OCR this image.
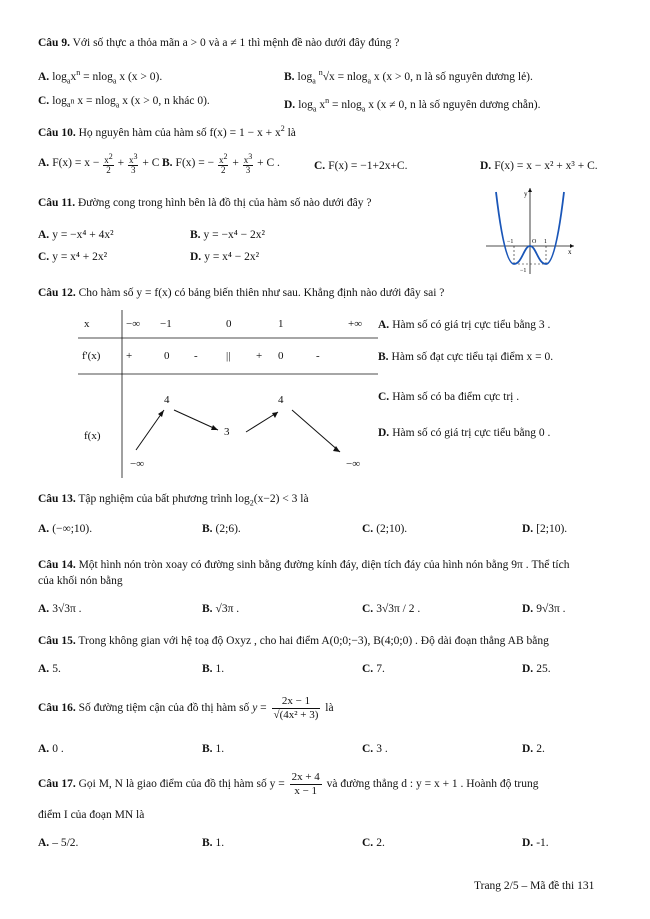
Câu 9. Với số thực a thỏa mãn a > 0 và a ≠ 1 thì mệnh đề nào dưới đây đúng ?
A. $\log_ax^n = nlog_a$ x (x > 0).	B. $\log_a ^n√x = nlog_a$ x (x > 0, n là số nguyên dương lẻ).
C. $\log_{a^n} x = nlog_a$ x (x > 0, n khác 0).	D. $\log_a x^n = nlog_a$ x (x ≠ 0, n là số nguyên dương chẵn).
Câu 10. Họ nguyên hàm của hàm số $f(x) = 1 - x + x^2$ là
A. $F(x) = x - \frac{x^2}{2} + \frac{x^3}{3} + C$ .
B. F(x) = − $\frac{x^2}{2} + \frac{x^3}{3} + C$ .	C. F(x) = −1+2x+C.	D. F(x) = x − x² + x³ + C.
Câu 11. Đường cong trong hình bên là đồ thị của hàm số nào dưới đây ?
A. y = −x⁴ + 4x²	B. y = −x⁴ − 2x²
C. y = x⁴ + 2x²	D. y = x⁴ − 2x²
y
x
O
−1	1
−1
Câu 12. Cho hàm số y = f(x) có bảng biến thiên như sau. Khẳng định nào dưới đây sai ?
x	−∞ −1	0	1	+∞
f'(x) +	0 -	|| + 0	-
f(x)
4	4
3
−∞	−∞
A. Hàm số có giá trị cực tiểu bằng 3 .
B. Hàm số đạt cực tiểu tại điểm x = 0.
C. Hàm số có ba điểm cực trị .
D. Hàm số có giá trị cực tiểu bằng 0 .
Câu 13. Tập nghiệm của bất phương trình $\log_2(x-2) < 3$ là
A. (−∞;10).	B. (2;6).	C. (2;10).	D. [2;10).
Câu 14. Một hình nón tròn xoay có đường sinh bằng đường kính đáy, diện tích đáy của hình nón bằng 9π . Thể tích
của khối nón bằng
A. 3√3π .	B. √3π .	C. 3√3π / 2 .	D. 9√3π .
Câu 15. Trong không gian với hệ toạ độ Oxyz , cho hai điểm A(0;0;−3), B(4;0;0) . Độ dài đoạn thẳng AB bằng
A. 5.	B. 1.	C. 7.	D. 25.
Câu 16. Số đường tiệm cận của đồ thị hàm số $y = \frac{2x - 1}{\text{√(4x² + 3)}}$ là
A. 0 .	B. 1.	C. 3 .	D. 2.
Câu 17. Gọi M, N là giao điểm của đồ thị hàm số $y = \frac{2x + 4}{x - 1}$ và đường thẳng d : y = x + 1 . Hoành độ trung
điểm I của đoạn MN là
A. – 5/2.	B. 1.	C. 2.	D. -1.
Trang 2/5 – Mã đề thi 131
